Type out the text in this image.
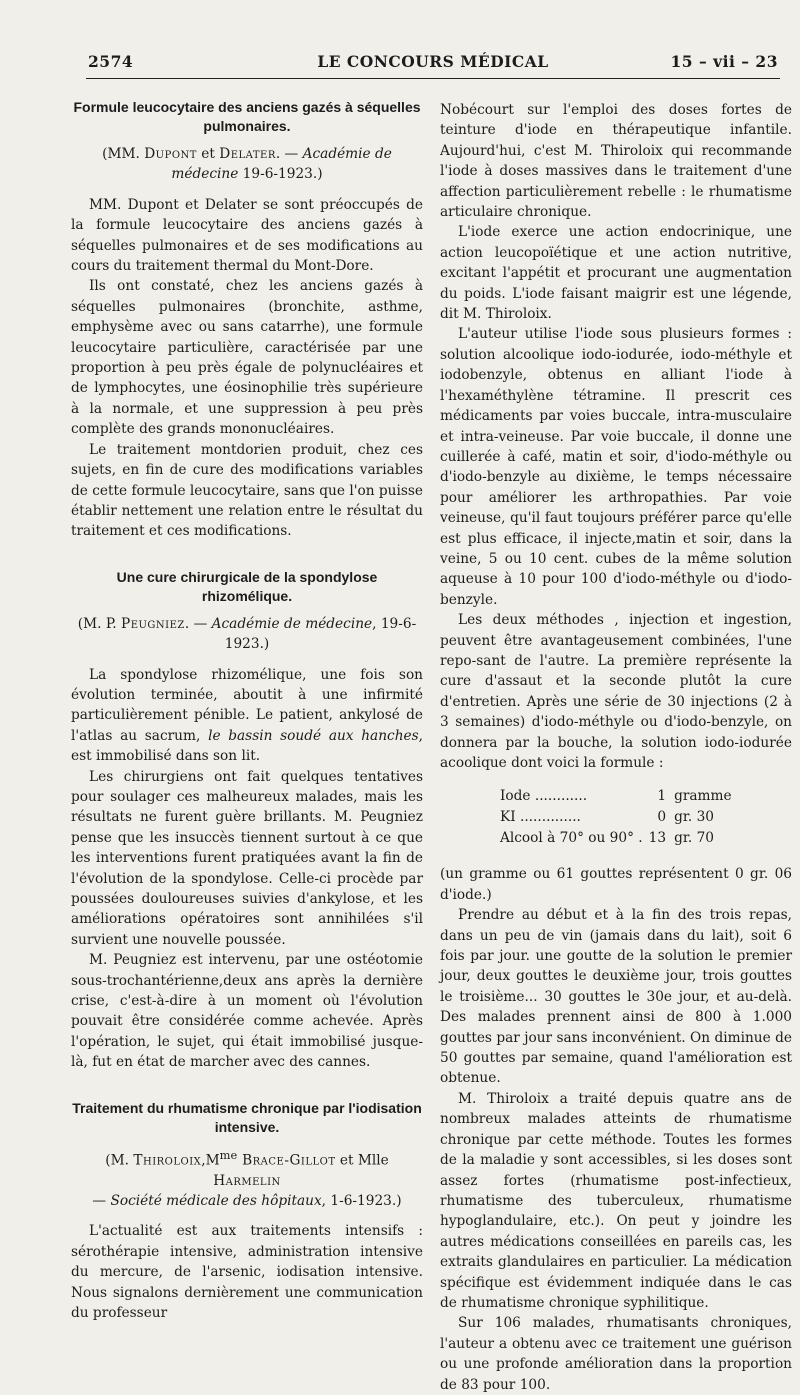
2574	LE CONCOURS MÉDICAL	15 – vii – 23
Formule leucocytaire des anciens gazés à séquelles pulmonaires.

(MM. Dupont et Delater. — Académie de médecine 19-6-1923.)

MM. Dupont et Delater se sont préoccupés de la formule leucocytaire des anciens gazés à séquelles pulmonaires et de ses modifications au cours du traitement thermal du Mont-Dore.

Ils ont constaté, chez les anciens gazés à séquelles pulmonaires (bronchite, asthme, emphysème avec ou sans catarrhe), une formule leucocytaire particulière, caractérisée par une proportion à peu près égale de polynucléaires et de lymphocytes, une éosinophilie très supérieure à la normale, et une suppression à peu près complète des grands mononucléaires.

Le traitement montdorien produit, chez ces sujets, en fin de cure des modifications variables de cette formule leucocytaire, sans que l'on puisse établir nettement une relation entre le résultat du traitement et ces modifications.

Une cure chirurgicale de la spondylose rhizomélique.

(M. P. Peugniez. — Académie de médecine, 19-6-1923.)

La spondylose rhizomélique, une fois son évolution terminée, aboutit à une infirmité particulièrement pénible. Le patient, ankylosé de l'atlas au sacrum, le bassin soudé aux hanches, est immobilisé dans son lit.

Les chirurgiens ont fait quelques tentatives pour soulager ces malheureux malades, mais les résultats ne furent guère brillants. M. Peugniez pense que les insuccès tiennent surtout à ce que les interventions furent pratiquées avant la fin de l'évolution de la spondylose. Celle-ci procède par poussées douloureuses suivies d'ankylose, et les améliorations opératoires sont annihilées s'il survient une nouvelle poussée.

M. Peugniez est intervenu, par une ostéotomie sous-trochantérienne,deux ans après la dernière crise, c'est-à-dire à un moment où l'évolution pouvait être considérée comme achevée. Après l'opération, le sujet, qui était immobilisé jusque-là, fut en état de marcher avec des cannes.

Traitement du rhumatisme chronique par l'iodisation intensive.

(M. $Thiroloix,M^{me}$ Brace-Gillot et Mlle Harmelin
— Société médicale des hôpitaux, 1-6-1923.)

L'actualité est aux traitements intensifs : sérothérapie intensive, administration intensive du mercure, de l'arsenic, iodisation intensive. Nous signalons dernièrement une communication du professeur

Nobécourt sur l'emploi des doses fortes de teinture d'iode en thérapeutique infantile. Aujourd'hui, c'est M. Thiroloix qui recommande l'iode à doses massives dans le traitement d'une affection particulièrement rebelle : le rhumatisme articulaire chronique.

L'iode exerce une action endocrinique, une action leucopoïétique et une action nutritive, excitant l'appétit et procurant une augmentation du poids. L'iode faisant maigrir est une légende, dit M. Thiroloix.

L'auteur utilise l'iode sous plusieurs formes : solution alcoolique iodo-iodurée, iodo-méthyle et iodobenzyle, obtenus en alliant l'iode à l'hexaméthylène tétramine. Il prescrit ces médicaments par voies buccale, intra-musculaire et intra-veineuse. Par voie buccale, il donne une cuillerée à café, matin et soir, d'iodo-méthyle ou d'iodo-benzyle au dixième, le temps nécessaire pour améliorer les arthropathies. Par voie veineuse, qu'il faut toujours préférer parce qu'elle est plus efficace, il injecte,matin et soir, dans la veine, 5 ou 10 cent. cubes de la même solution aqueuse à 10 pour 100 d'iodo-méthyle ou d'iodo-benzyle.

Les deux méthodes , injection et ingestion, peuvent être avantageusement combinées, l'une repo-sant de l'autre. La première représente la cure d'assaut et la seconde plutôt la cure d'entretien. Après une série de 30 injections (2 à 3 semaines) d'iodo-méthyle ou d'iodo-benzyle, on donnera par la bouche, la solution iodo-iodurée acoolique dont voici la formule :

Iode ............	1	gramme
KI ..............	0	gr. 30
Alcool à 70° ou 90° .	13	gr. 70

(un gramme ou 61 gouttes représentent 0 gr. 06 d'iode.)

Prendre au début et à la fin des trois repas, dans un peu de vin (jamais dans du lait), soit 6 fois par jour. une goutte de la solution le premier jour, deux gouttes le deuxième jour, trois gouttes le troisième... 30 gouttes le 30e jour, et au-delà. Des malades prennent ainsi de 800 à 1.000 gouttes par jour sans inconvénient. On diminue de 50 gouttes par semaine, quand l'amélioration est obtenue.

M. Thiroloix a traité depuis quatre ans de nombreux malades atteints de rhumatisme chronique par cette méthode. Toutes les formes de la maladie y sont accessibles, si les doses sont assez fortes (rhumatisme post-infectieux, rhumatisme des tuberculeux, rhumatisme hypoglandulaire, etc.). On peut y joindre les autres médications conseillées en pareils cas, les extraits glandulaires en particulier. La médication spécifique est évidemment indiquée dans le cas de rhumatisme chronique syphilitique.

Sur 106 malades, rhumatisants chroniques, l'auteur a obtenu avec ce traitement une guérison ou une profonde amélioration dans la proportion de 83 pour 100.
